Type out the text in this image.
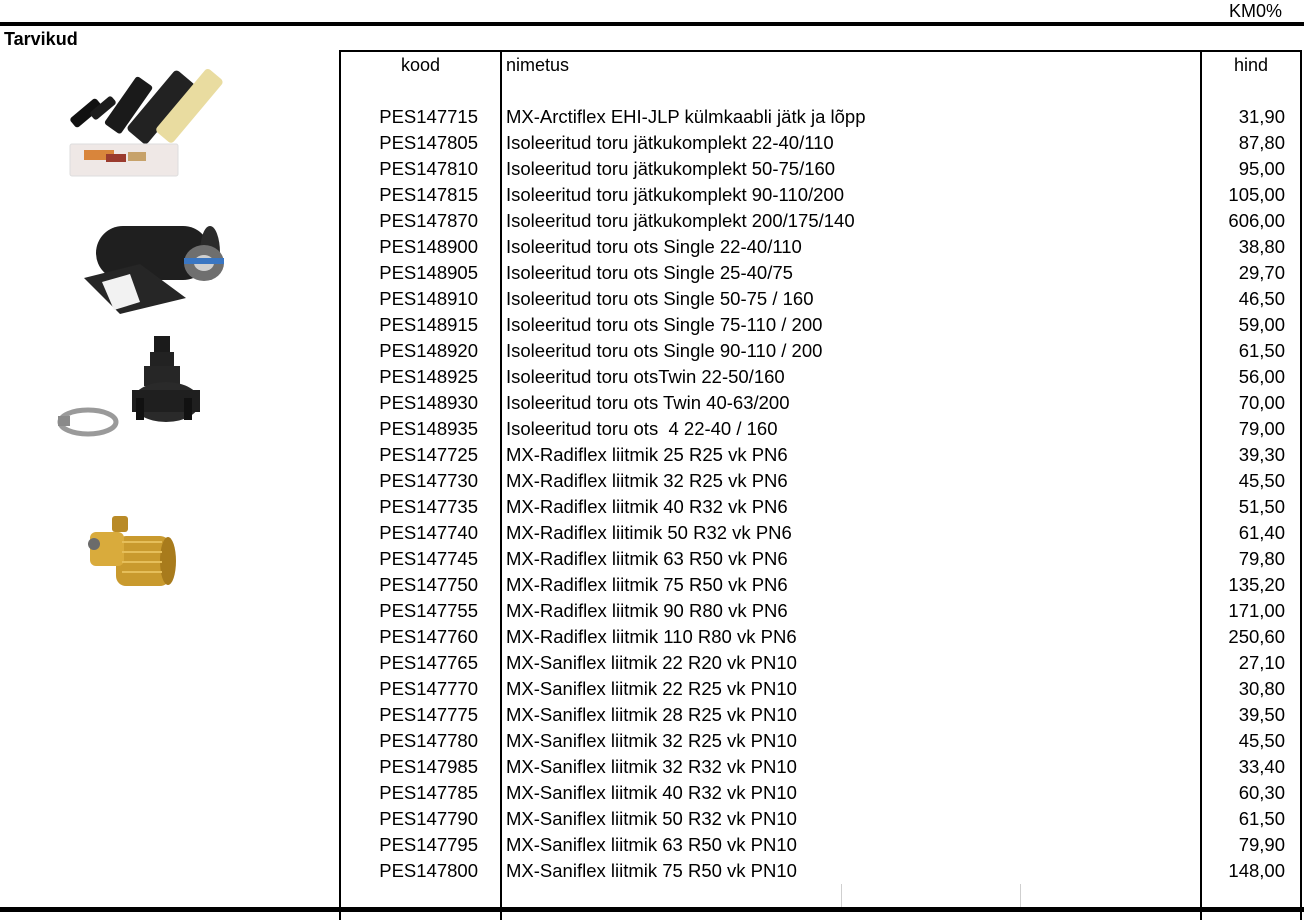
KM0%
Tarvikud
kood	nimetus	hind
PES147715 MX-Arctiflex EHI-JLP külmkaabli jätk ja lõpp	31,90
PES147805 Isoleeritud toru jätkukomplekt 22-40/110	87,80
PES147810 Isoleeritud toru jätkukomplekt 50-75/160	95,00
PES147815 Isoleeritud toru jätkukomplekt 90-110/200	105,00
PES147870 Isoleeritud toru jätkukomplekt 200/175/140	606,00
PES148900 Isoleeritud toru ots Single 22-40/110	38,80
PES148905 Isoleeritud toru ots Single 25-40/75	29,70
PES148910 Isoleeritud toru ots Single 50-75 / 160	46,50
PES148915 Isoleeritud toru ots Single 75-110 / 200	59,00
PES148920 Isoleeritud toru ots Single 90-110 / 200	61,50
PES148925 Isoleeritud toru otsTwin 22-50/160	56,00
PES148930 Isoleeritud toru ots Twin 40-63/200	70,00
PES148935 Isoleeritud toru ots  4 22-40 / 160	79,00
PES147725 MX-Radiflex liitmik 25 R25 vk PN6	39,30
PES147730 MX-Radiflex liitmik 32 R25 vk PN6	45,50
PES147735 MX-Radiflex liitmik 40 R32 vk PN6	51,50
PES147740 MX-Radiflex liitimik 50 R32 vk PN6	61,40
PES147745 MX-Radiflex liitmik 63 R50 vk PN6	79,80
PES147750 MX-Radiflex liitmik 75 R50 vk PN6	135,20
PES147755 MX-Radiflex liitmik 90 R80 vk PN6	171,00
PES147760 MX-Radiflex liitmik 110 R80 vk PN6	250,60
PES147765 MX-Saniflex liitmik 22 R20 vk PN10	27,10
PES147770 MX-Saniflex liitmik 22 R25 vk PN10	30,80
PES147775 MX-Saniflex liitmik 28 R25 vk PN10	39,50
PES147780 MX-Saniflex liitmik 32 R25 vk PN10	45,50
PES147985 MX-Saniflex liitmik 32 R32 vk PN10	33,40
PES147785 MX-Saniflex liitmik 40 R32 vk PN10	60,30
PES147790 MX-Saniflex liitmik 50 R32 vk PN10	61,50
PES147795 MX-Saniflex liitmik 63 R50 vk PN10	79,90
PES147800 MX-Saniflex liitmik 75 R50 vk PN10	148,00
